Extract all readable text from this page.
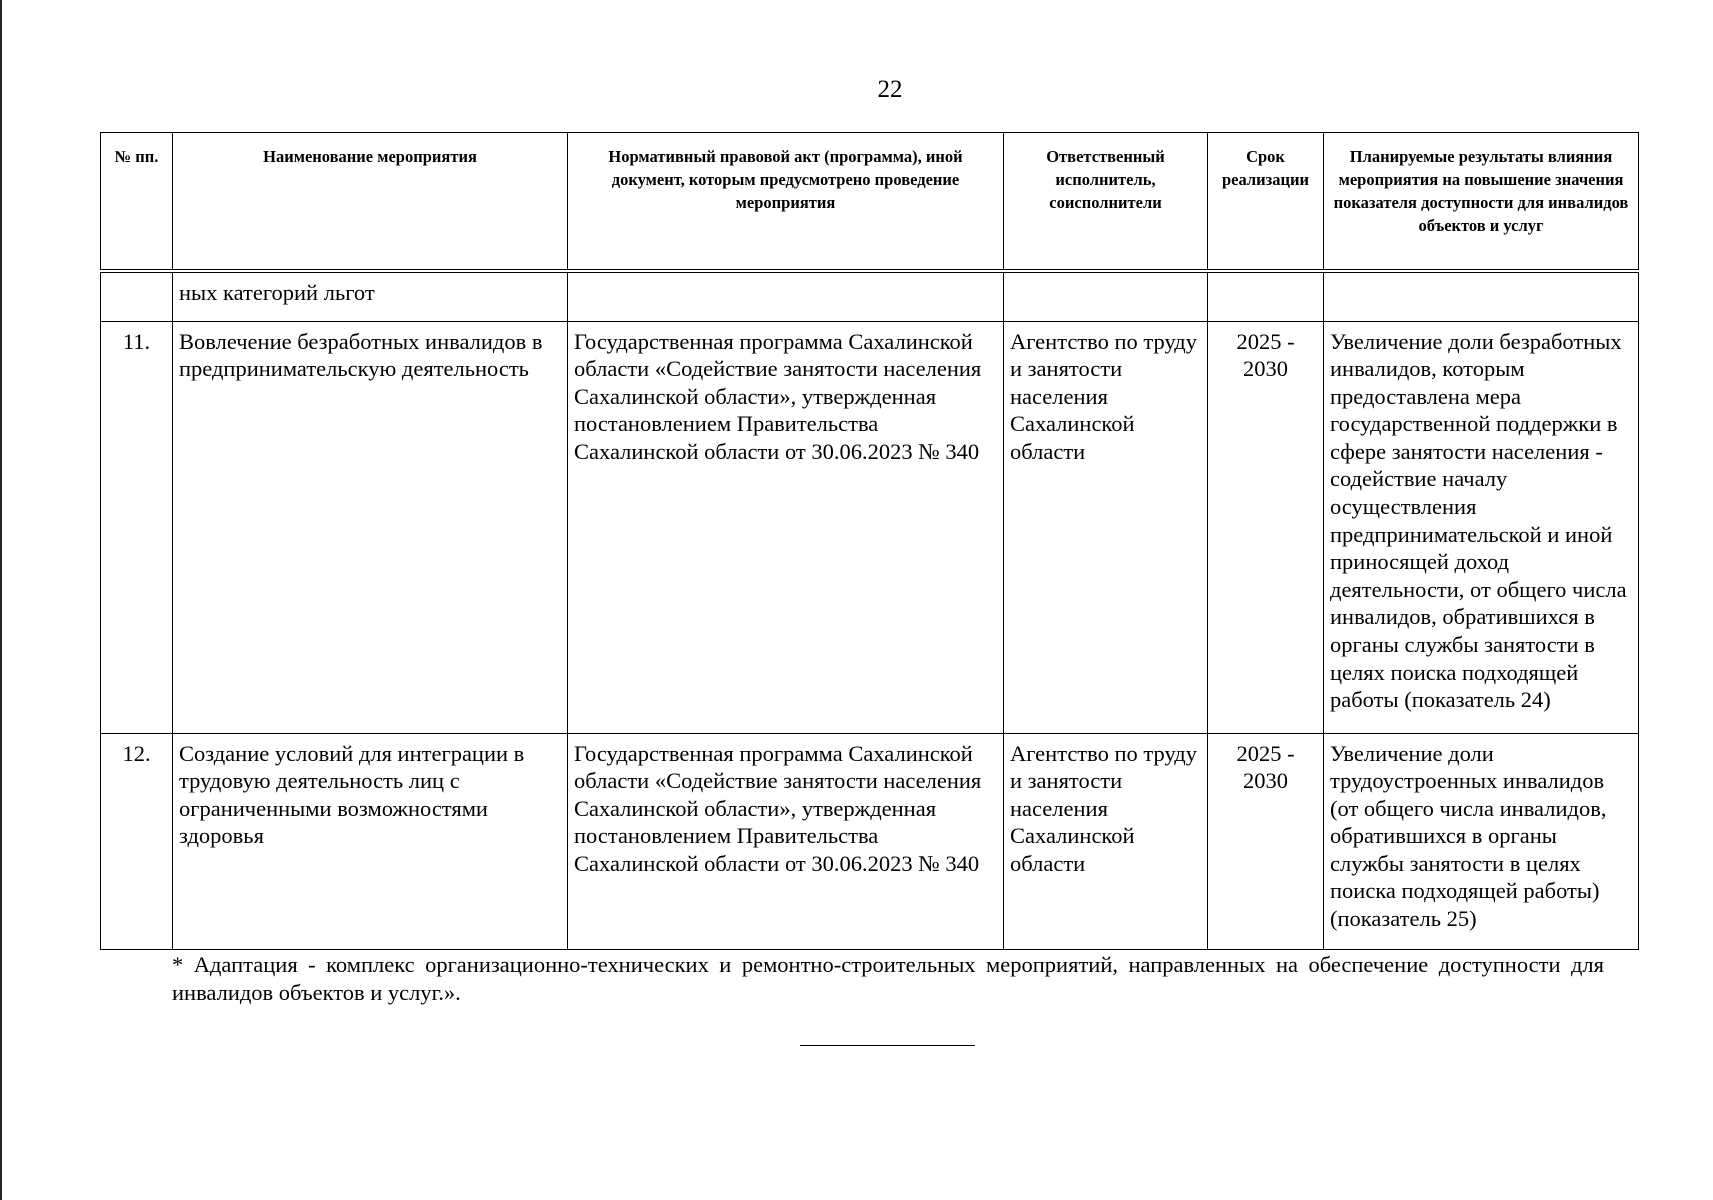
22
№ пп.	Наименование мероприятия	Нормативный правовой акт (программа), иной документ, которым предусмотрено проведение мероприятия	Ответственный исполнитель, соисполнители	Срок реализации	Планируемые результаты влияния мероприятия на повышение значения показателя доступности для инвалидов объектов и услуг
	ных категорий льгот				
11.	Вовлечение безработных инвалидов в предпринимательскую деятельность	Государственная программа Сахалинской области «Содействие занятости населения Сахалинской области», утвержденная постановлением Правительства Сахалинской области от 30.06.2023 № 340	Агентство по труду и занятости населения Сахалинской области	2025 - 2030	Увеличение доли безработных инвалидов, которым предоставлена мера государственной поддержки в сфере занятости населения - содействие началу осуществления предпринимательской и иной приносящей доход деятельности, от общего числа инвалидов, обратившихся в органы службы занятости в целях поиска подходящей работы (показатель 24)
12.	Создание условий для интеграции в трудовую деятельность лиц с ограниченными возможностями здоровья	Государственная программа Сахалинской области «Содействие занятости населения Сахалинской области», утвержденная постановлением Правительства Сахалинской области от 30.06.2023 № 340	Агентство по труду и занятости населения Сахалинской области	2025 - 2030	Увеличение доли трудоустроенных инвалидов (от общего числа инвалидов, обратившихся в органы службы занятости в целях поиска подходящей работы) (показатель 25)
* Адаптация - комплекс организационно-технических и ремонтно-строительных мероприятий, направленных на обеспечение доступности для инвалидов объектов и услуг.».
